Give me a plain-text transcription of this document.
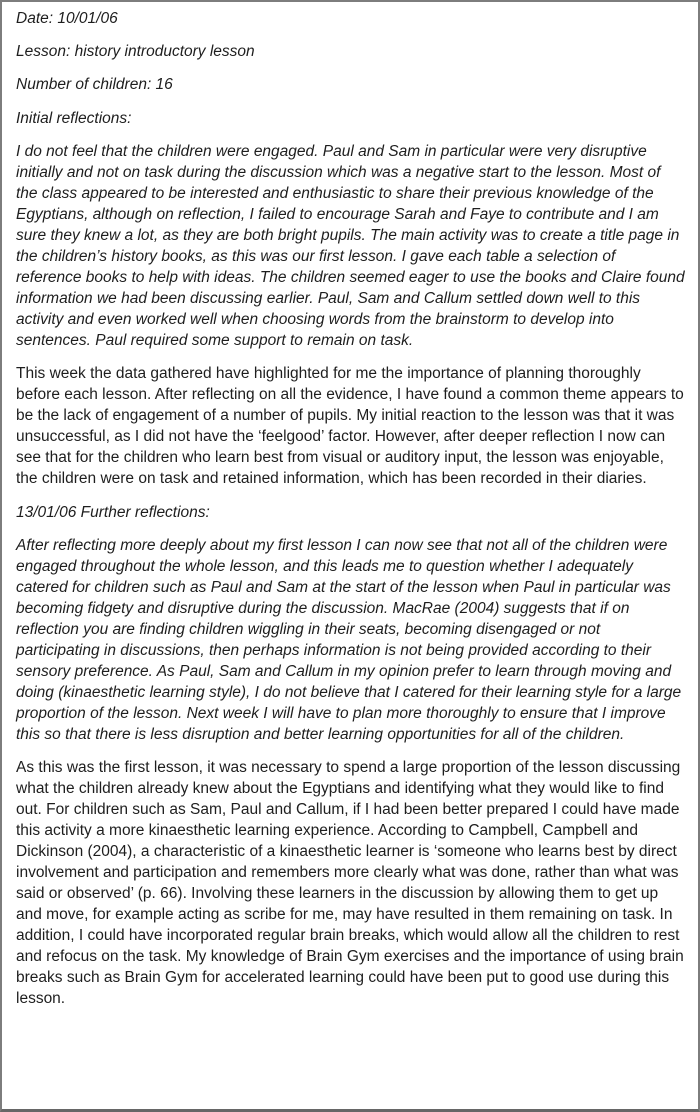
Date: 10/01/06

Lesson: history introductory lesson

Number of children: 16

Initial reflections:

I do not feel that the children were engaged. Paul and Sam in particular were very disruptive initially and not on task during the discussion which was a negative start to the lesson. Most of the class appeared to be interested and enthusiastic to share their previous knowledge of the Egyptians, although on reflection, I failed to encourage Sarah and Faye to contribute and I am sure they knew a lot, as they are both bright pupils. The main activity was to create a title page in the children’s history books, as this was our first lesson. I gave each table a selection of reference books to help with ideas. The children seemed eager to use the books and Claire found information we had been discussing earlier. Paul, Sam and Callum settled down well to this activity and even worked well when choosing words from the brainstorm to develop into sentences. Paul required some support to remain on task.

This week the data gathered have highlighted for me the importance of planning thoroughly before each lesson. After reflecting on all the evidence, I have found a common theme appears to be the lack of engagement of a number of pupils. My initial reaction to the lesson was that it was unsuccessful, as I did not have the ‘feelgood’ factor. However, after deeper reflection I now can see that for the children who learn best from visual or auditory input, the lesson was enjoyable, the children were on task and retained information, which has been recorded in their diaries.

13/01/06 Further reflections:

After reflecting more deeply about my first lesson I can now see that not all of the children were engaged throughout the whole lesson, and this leads me to question whether I adequately catered for children such as Paul and Sam at the start of the lesson when Paul in particular was becoming fidgety and disruptive during the discussion. MacRae (2004) suggests that if on reflection you are finding children wiggling in their seats, becoming disengaged or not participating in discussions, then perhaps information is not being provided according to their sensory preference. As Paul, Sam and Callum in my opinion prefer to learn through moving and doing (kinaesthetic learning style), I do not believe that I catered for their learning style for a large proportion of the lesson. Next week I will have to plan more thoroughly to ensure that I improve this so that there is less disruption and better learning opportunities for all of the children.

As this was the first lesson, it was necessary to spend a large proportion of the lesson discussing what the children already knew about the Egyptians and identifying what they would like to find out. For children such as Sam, Paul and Callum, if I had been better prepared I could have made this activity a more kinaesthetic learning experience. According to Campbell, Campbell and Dickinson (2004), a characteristic of a kinaesthetic learner is ‘someone who learns best by direct involvement and participation and remembers more clearly what was done, rather than what was said or observed’ (p. 66). Involving these learners in the discussion by allowing them to get up and move, for example acting as scribe for me, may have resulted in them remaining on task. In addition, I could have incorporated regular brain breaks, which would allow all the children to rest and refocus on the task. My knowledge of Brain Gym exercises and the importance of using brain breaks such as Brain Gym for accelerated learning could have been put to good use during this lesson.
